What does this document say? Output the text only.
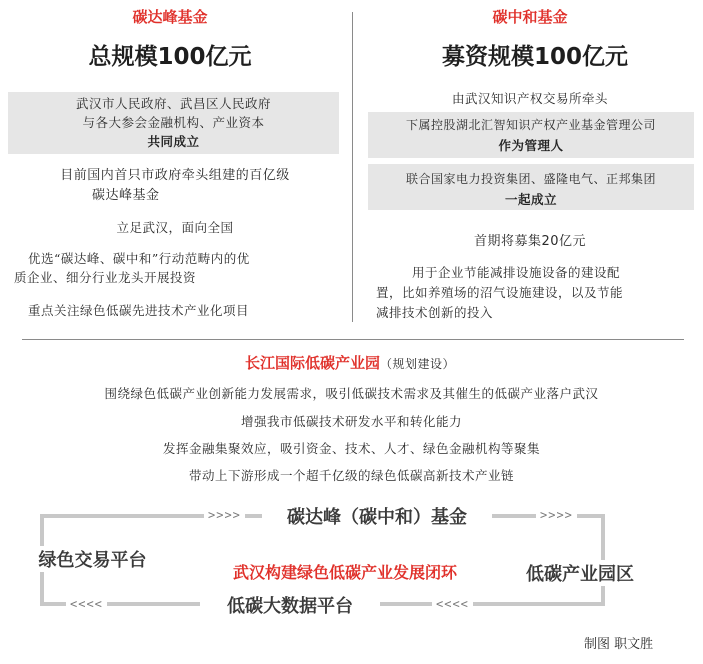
碳达峰基金
总规模100亿元
武汉市人民政府、武昌区人民政府
与各大参会金融机构、产业资本
共同成立
目前国内首只市政府牵头组建的百亿级
碳达峰基金
立足武汉，面向全国
优选“碳达峰、碳中和”行动范畴内的优
质企业、细分行业龙头开展投资
重点关注绿色低碳先进技术产业化项目
碳中和基金
募资规模100亿元
由武汉知识产权交易所牵头
下属控股湖北汇智知识产权产业基金管理公司
作为管理人
联合国家电力投资集团、盛隆电气、正邦集团
一起成立
首期将募集20亿元
用于企业节能减排设施设备的建设配
置，比如养殖场的沼气设施建设，以及节能
减排技术创新的投入
长江国际低碳产业园（规划建设）
围绕绿色低碳产业创新能力发展需求，吸引低碳技术需求及其催生的低碳产业落户武汉
增强我市低碳技术研发水平和转化能力
发挥金融集聚效应，吸引资金、技术、人才、绿色金融机构等聚集
带动上下游形成一个超千亿级的绿色低碳高新技术产业链
碳达峰（碳中和）基金
绿色交易平台
低碳产业园区
低碳大数据平台
武汉构建绿色低碳产业发展闭环
>>>>	>>>>
<<<<	<<<<
制图 职文胜
